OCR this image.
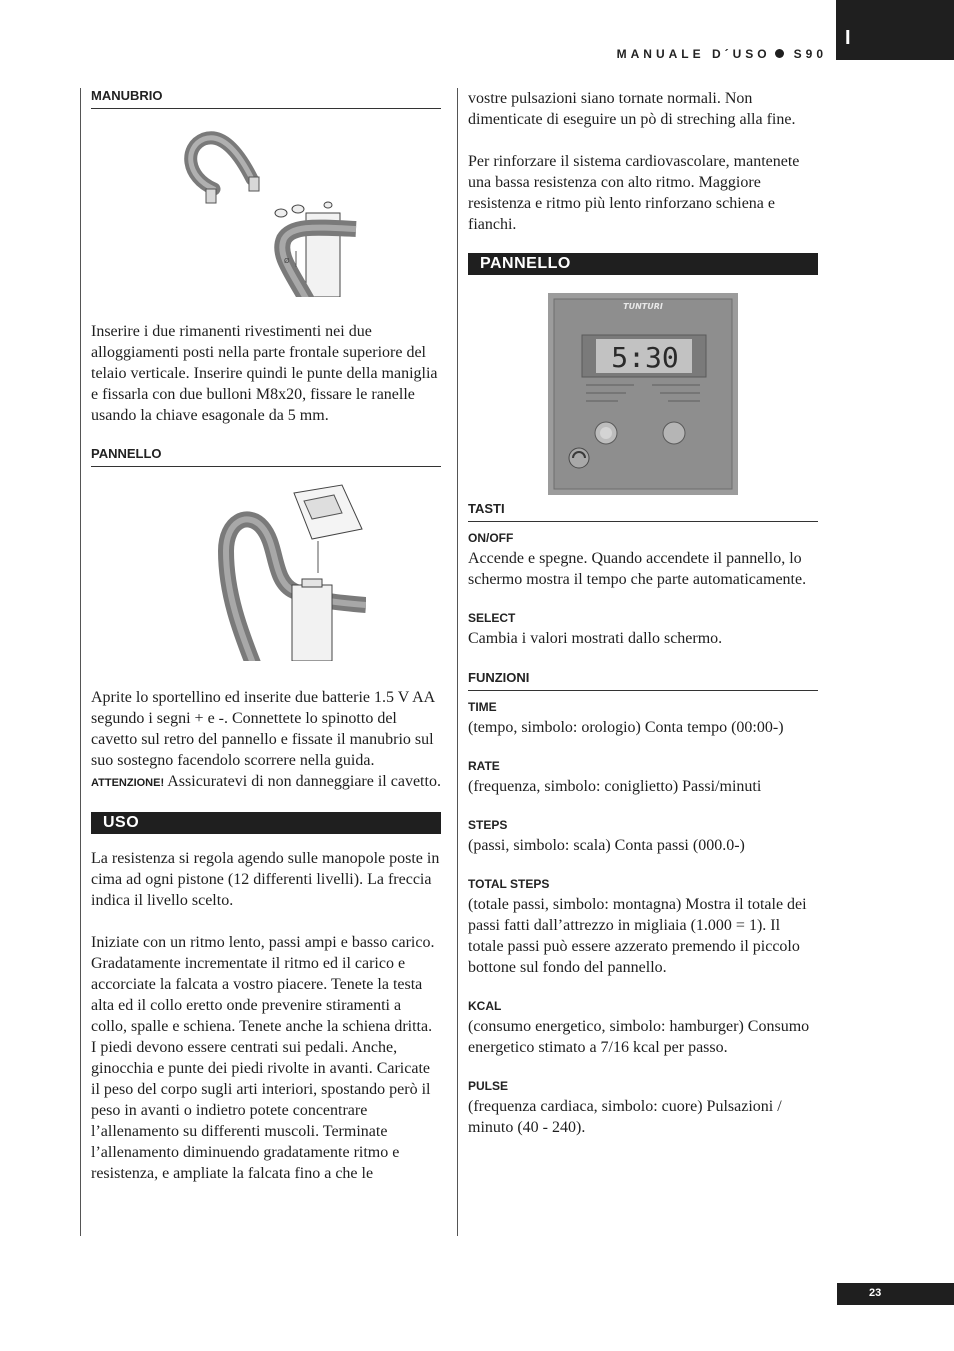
I
MANUALE D´USO S90
MANUBRIO
Ø

Inserire i due rimanenti rivestimenti nei due alloggiamenti posti nella parte frontale superiore del telaio verticale. Inserire quindi le punte della maniglia e fissarla con due bulloni M8x20, fissare le ranelle usando la chiave esagonale da 5 mm.

PANNELLO

Aprite lo sportellino ed inserite due batterie 1.5 V AA segundo i segni + e -. Connettete lo spinotto del cavetto sul retro del pannello e fissate il manubrio sul suo sostegno facendolo scorrere nella guida. ATTENZIONE! Assicuratevi di non danneggiare il cavetto.

USO

La resistenza si regola agendo sulle manopole poste in cima ad ogni pistone (12 differenti livelli). La freccia indica il livello scelto.

Iniziate con un ritmo lento, passi ampi e basso carico. Gradatamente incrementate il ritmo ed il carico e accorciate la falcata a vostro piacere. Tenete la testa alta ed il collo eretto onde prevenire stiramenti a collo, spalle e schiena. Tenete anche la schiena dritta. I piedi devono essere centrati sui pedali. Anche, ginocchia e punte dei piedi rivolte in avanti. Caricate il peso del corpo sugli arti interiori, spostando però il peso in avanti o indietro potete concentrare l’allenamento su differenti muscoli. Terminate l’allenamento diminuendo gradatamente ritmo e resistenza, e ampliate la falcata fino a che le

vostre pulsazioni siano tornate normali. Non dimenticate di eseguire un pò di streching alla fine.

Per rinforzare il sistema cardiovascolare, mantenete una bassa resistenza con alto ritmo. Maggiore resistenza e ritmo più lento rinforzano schiena e fianchi.

PANNELLO
TUNTURI
5:30
TASTI
ON/OFF

Accende e spegne. Quando accendete il pannello, lo schermo mostra il tempo che parte automaticamente.

SELECT

Cambia i valori mostrati dallo schermo.

FUNZIONI
TIME

(tempo, simbolo: orologio) Conta tempo (00:00-)

RATE

(frequenza, simbolo: coniglietto) Passi/minuti

STEPS

(passi, simbolo: scala) Conta passi (000.0-)

TOTAL STEPS

(totale passi, simbolo: montagna) Mostra il totale dei passi fatti dall’attrezzo in migliaia (1.000 = 1). Il totale passi può essere azzerato premendo il piccolo bottone sul fondo del pannello.

KCAL

(consumo energetico, simbolo: hamburger) Consumo energetico stimato a 7/16 kcal per passo.

PULSE

(frequenza cardiaca, simbolo: cuore) Pulsazioni / minuto (40 - 240).

23
